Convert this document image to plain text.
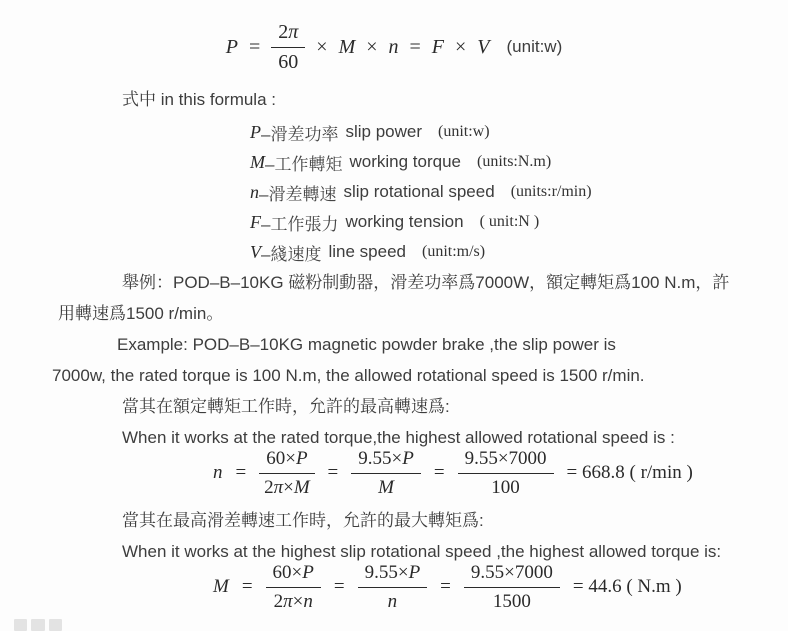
$P = \frac{2\pi}{60} \times M \times n = F \times V$ (unit:w)
式中 in this formula :
P –滑差功率 slip power (unit:w)
M –工作轉矩 working torque (units:N.m)
n –滑差轉速 slip rotational speed (units:r/min)
F –工作張力 working tension ( unit:N )
V –綫速度 line speed (unit:m/s)
舉例：POD–B–10KG 磁粉制動器，滑差功率爲7000W，額定轉矩爲100 N.m，許
用轉速爲1500 r/min。
Example: POD–B–10KG magnetic powder brake ,the slip power is
7000w, the rated torque is 100 N.m, the allowed rotational speed is 1500 r/min.
當其在額定轉矩工作時，允許的最高轉速爲:
When it works at the rated torque,the highest allowed rotational speed is :
$n = \frac{60\times P}{2\pi\times M} = \frac{9.55\times P}{M} = \frac{9.55\times 7000}{100} = 668.8$ ( r/min )
當其在最高滑差轉速工作時，允許的最大轉矩爲:
When it works at the highest slip rotational speed ,the highest allowed torque is:
$M = \frac{60\times P}{2\pi\times n} = \frac{9.55\times P}{n} = \frac{9.55\times 7000}{1500} = 44.6$ ( N.m )
